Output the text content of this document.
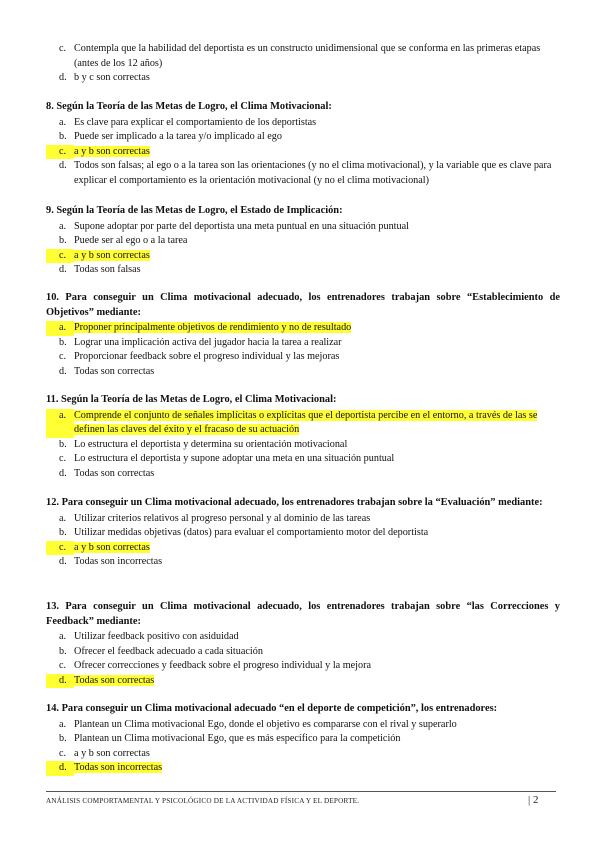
c. Contempla que la habilidad del deportista es un constructo unidimensional que se conforma en las primeras etapas (antes de los 12 años)
d. b y c son correctas

8. Según la Teoría de las Metas de Logro, el Clima Motivacional:

a. Es clave para explicar el comportamiento de los deportistas
b. Puede ser implicado a la tarea y/o implicado al ego
c. a y b son correctas
d. Todos son falsas; al ego o a la tarea son las orientaciones (y no el clima motivacional), y la variable que es clave para explicar el comportamiento es la orientación motivacional (y no el clima motivacional)

9. Según la Teoría de las Metas de Logro, el Estado de Implicación:

a. Supone adoptar por parte del deportista una meta puntual en una situación puntual
b. Puede ser al ego o a la tarea
c. a y b son correctas
d. Todas son falsas

10. Para conseguir un Clima motivacional adecuado, los entrenadores trabajan sobre “Establecimiento de Objetivos” mediante:

a. Proponer principalmente objetivos de rendimiento y no de resultado
b. Lograr una implicación activa del jugador hacia la tarea a realizar
c. Proporcionar feedback sobre el progreso individual y las mejoras
d. Todas son correctas

11. Según la Teoría de las Metas de Logro, el Clima Motivacional:

a. Comprende el conjunto de señales implícitas o explícitas que el deportista percibe en el entorno, a través de las se definen las claves del éxito y el fracaso de su actuación
b. Lo estructura el deportista y determina su orientación motivacional
c. Lo estructura el deportista y supone adoptar una meta en una situación puntual
d. Todas son correctas

12. Para conseguir un Clima motivacional adecuado, los entrenadores trabajan sobre la “Evaluación” mediante:

a. Utilizar criterios relativos al progreso personal y al dominio de las tareas
b. Utilizar medidas objetivas (datos) para evaluar el comportamiento motor del deportista
c. a y b son correctas
d. Todas son incorrectas

13. Para conseguir un Clima motivacional adecuado, los entrenadores trabajan sobre “las Correcciones y Feedback” mediante:

a. Utilizar feedback positivo con asiduidad
b. Ofrecer el feedback adecuado a cada situación
c. Ofrecer correcciones y feedback sobre el progreso individual y la mejora
d. Todas son correctas

14. Para conseguir un Clima motivacional adecuado “en el deporte de competición”, los entrenadores:

a. Plantean un Clima motivacional Ego, donde el objetivo es compararse con el rival y superarlo
b. Plantean un Clima motivacional Ego, que es más específico para la competición
c. a y b son correctas
d. Todas son incorrectas
ANÁLISIS COMPORTAMENTAL Y PSICOLÓGICO DE LA ACTIVIDAD FÍSICA Y EL DEPORTE.	| 2
